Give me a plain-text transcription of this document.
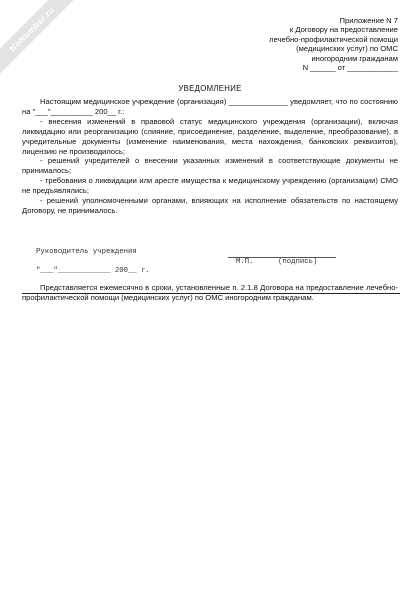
NoNumber.ru	Приложение N 7
к Договору на предоставление
лечебно-профилактической помощи
(медицинских услуг) по ОМС
иногородним гражданам
N ______ от ____________
УВЕДОМЛЕНИЕ

Настоящим медицинское учреждение (организация) ______________ уведомляет, что по состоянию на "___"__________ 200__ г.:

- внесения изменений в правовой статус медицинского учреждения (организации), включая ликвидацию или реорганизацию (слияние, присоединение, разделение, выделение, преобразование), в учредительные документы (изменение наименования, места нахождения, банковских реквизитов), лицензию не производилось;

- решений учредителей о внесении указанных изменений в соответствующие документы не принималось;

- требования о ликвидации или аресте имущества к медицинскому учреждению (организации) СМО не предъявлялись;

- решений уполномоченными органами, влияющих на исполнение обязательств по настоящему Договору, не принималось.

Руководитель учреждения
М.П.	(подпись)
"___"____________ 200__ г.

Представляется ежемесячно в сроки, установленные п. 2.1.8 Договора на предоставление лечебно-профилактической помощи (медицинских услуг) по ОМС иногородним гражданам.
